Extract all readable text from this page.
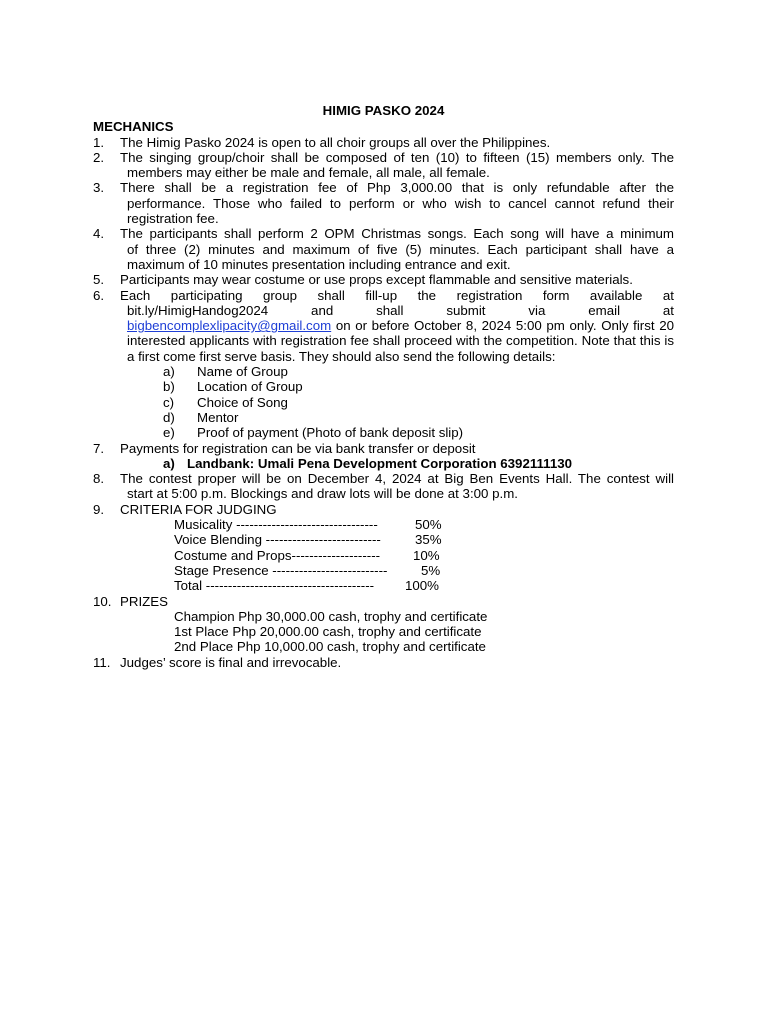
HIMIG PASKO 2024
MECHANICS
1. The Himig Pasko 2024 is open to all choir groups all over the Philippines.
2. The singing group/choir shall be composed of ten (10) to fifteen (15) members only. The
members may either be male and female, all male, all female.
3. There shall be a registration fee of Php 3,000.00 that is only refundable after the
performance. Those who failed to perform or who wish to cancel cannot refund their registration fee.
4. The participants shall perform 2 OPM Christmas songs. Each song will have a minimum
of three (2) minutes and maximum of five (5) minutes. Each participant shall have a maximum of 10 minutes presentation including entrance and exit.
5. Participants may wear costume or use props except flammable and sensitive materials.
6. Each participating group shall fill-up the registration form available at
bit.ly/HimigHandog2024 and shall submit via email at
bigbencomplexlipacity@gmail.com on or before October 8, 2024 5:00 pm only. Only first 20 interested applicants with registration fee shall proceed with the competition. Note that this is a first come first serve basis. They should also send the following details:
a)	Name of Group
b)	Location of Group
c)	Choice of Song
d)	Mentor
e)	Proof of payment (Photo of bank deposit slip)
7. Payments for registration can be via bank transfer or deposit
a) Landbank: Umali Pena Development Corporation 6392111130
8. The contest proper will be on December 4, 2024 at Big Ben Events Hall. The contest will
start at 5:00 p.m. Blockings and draw lots will be done at 3:00 p.m.
9. CRITERIA FOR JUDGING
Musicality --------------------------------	50%
Voice Blending --------------------------	35%
Costume and Props-------------------- 10%
Stage Presence --------------------------	5%
Total -------------------------------------- 100%
10. PRIZES
Champion Php 30,000.00 cash, trophy and certificate
1st Place Php 20,000.00 cash, trophy and certificate
2nd Place Php 10,000.00 cash, trophy and certificate
11. Judges’ score is final and irrevocable.
